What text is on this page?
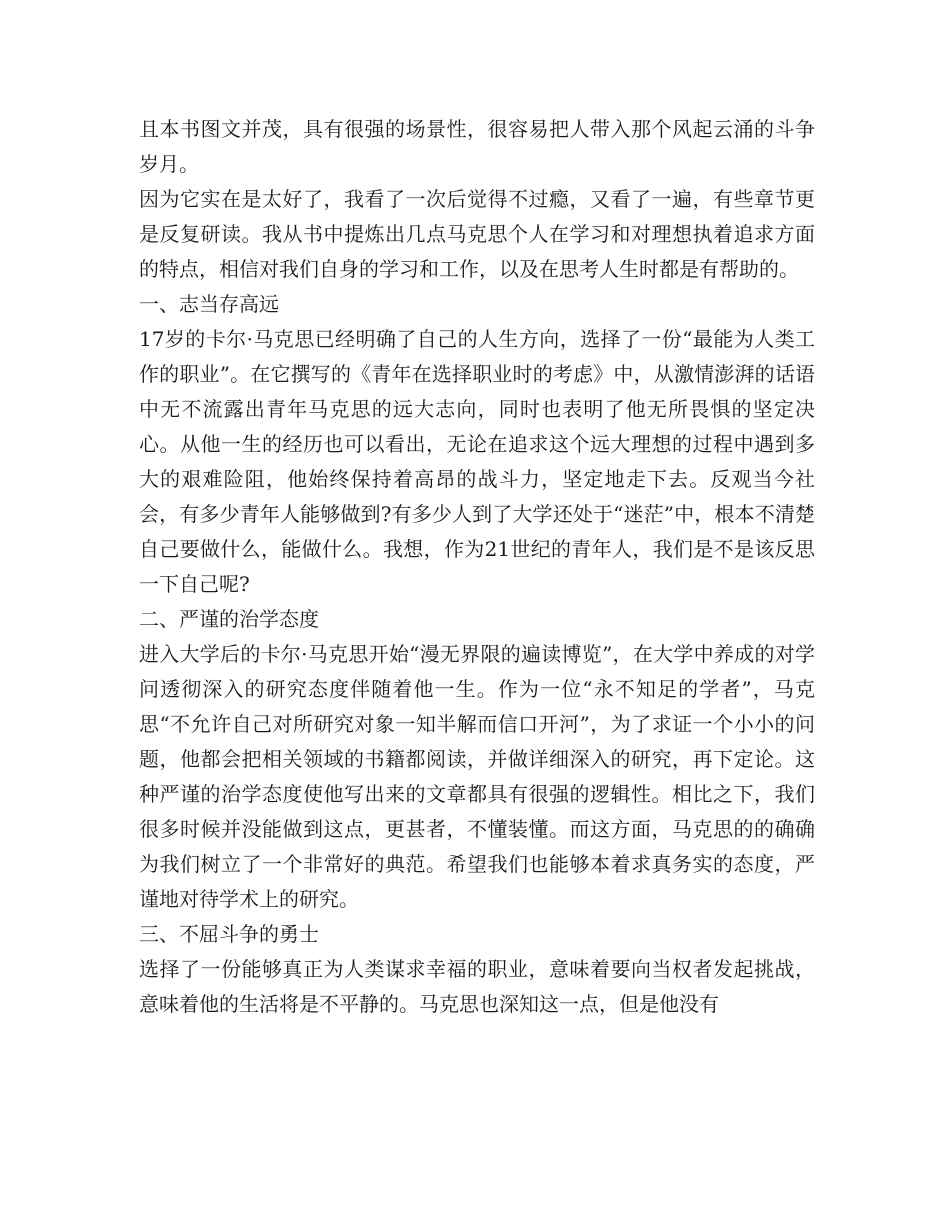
且本书图文并茂，具有很强的场景性，很容易把人带入那个风起云涌的斗争岁月。

因为它实在是太好了，我看了一次后觉得不过瘾，又看了一遍，有些章节更是反复研读。我从书中提炼出几点马克思个人在学习和对理想执着追求方面的特点，相信对我们自身的学习和工作，以及在思考人生时都是有帮助的。

一、志当存高远

17岁的卡尔·马克思已经明确了自己的人生方向，选择了一份“最能为人类工作的职业”。在它撰写的《青年在选择职业时的考虑》中，从激情澎湃的话语中无不流露出青年马克思的远大志向，同时也表明了他无所畏惧的坚定决心。从他一生的经历也可以看出，无论在追求这个远大理想的过程中遇到多大的艰难险阻，他始终保持着高昂的战斗力，坚定地走下去。反观当今社会，有多少青年人能够做到?有多少人到了大学还处于“迷茫”中，根本不清楚自己要做什么，能做什么。我想，作为21世纪的青年人，我们是不是该反思一下自己呢?

二、严谨的治学态度

进入大学后的卡尔·马克思开始“漫无界限的遍读博览”，在大学中养成的对学问透彻深入的研究态度伴随着他一生。作为一位“永不知足的学者”，马克思“不允许自己对所研究对象一知半解而信口开河”，为了求证一个小小的问题，他都会把相关领域的书籍都阅读，并做详细深入的研究，再下定论。这种严谨的治学态度使他写出来的文章都具有很强的逻辑性。相比之下，我们很多时候并没能做到这点，更甚者，不懂装懂。而这方面，马克思的的确确为我们树立了一个非常好的典范。希望我们也能够本着求真务实的态度，严谨地对待学术上的研究。

三、不屈斗争的勇士

选择了一份能够真正为人类谋求幸福的职业，意味着要向当权者发起挑战，意味着他的生活将是不平静的。马克思也深知这一点，但是他没有
